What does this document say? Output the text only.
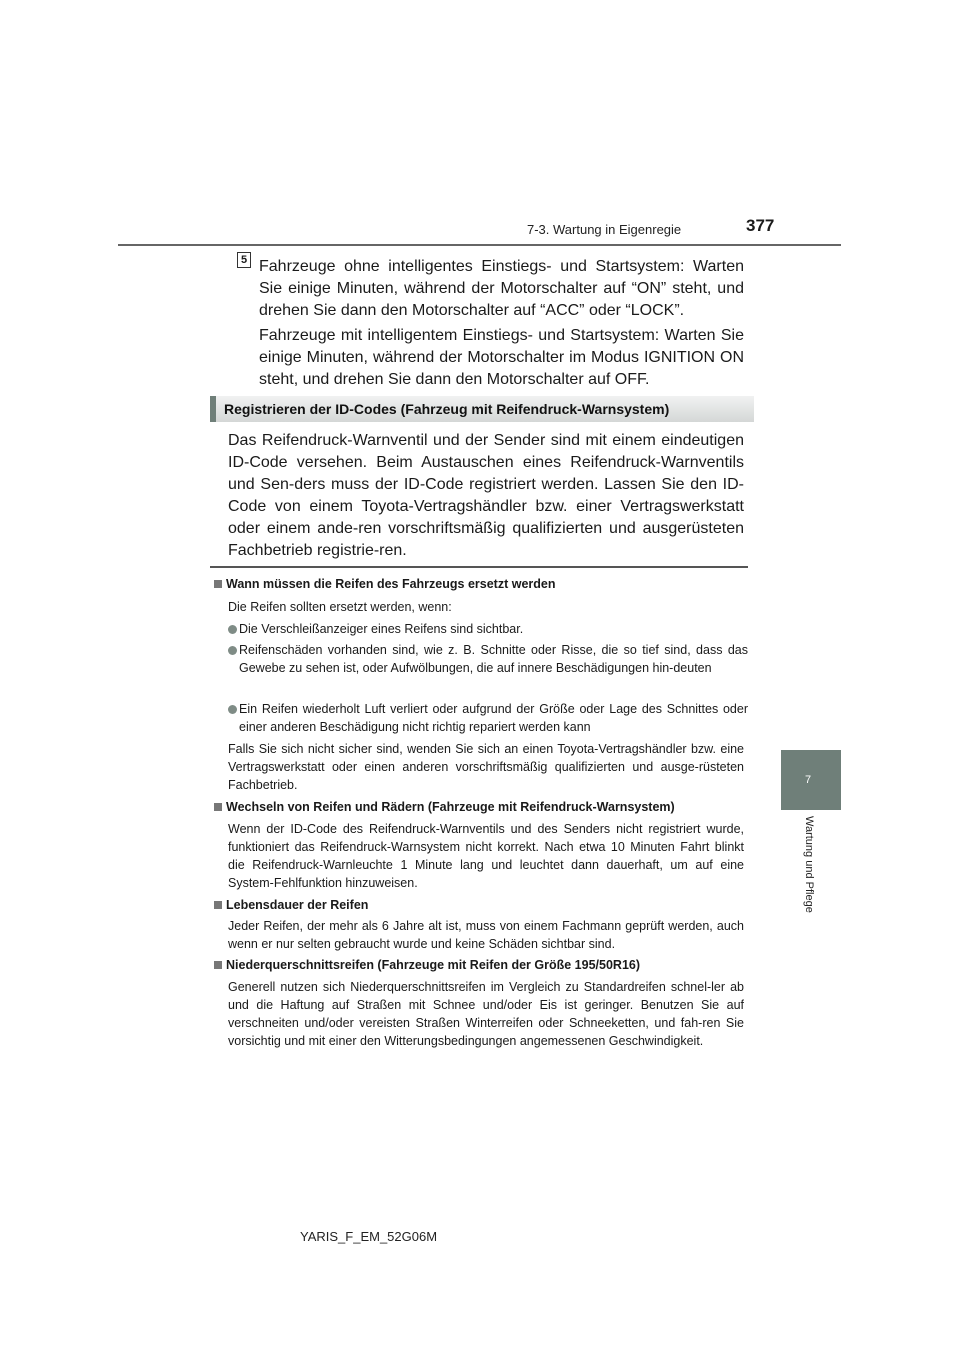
7-3. Wartung in Eigenregie	377
7
Wartung und Pflege
5 Fahrzeuge ohne intelligentes Einstiegs- und Startsystem: Warten Sie einige Minuten, während der Motorschalter auf “ON” steht, und drehen Sie dann den Motorschalter auf “ACC” oder “LOCK”.
Fahrzeuge mit intelligentem Einstiegs- und Startsystem: Warten Sie einige Minuten, während der Motorschalter im Modus IGNITION ON steht, und drehen Sie dann den Motorschalter auf OFF.
Registrieren der ID-Codes (Fahrzeug mit Reifendruck-Warnsystem)
Das Reifendruck-Warnventil und der Sender sind mit einem eindeutigen ID-Code versehen. Beim Austauschen eines Reifendruck-Warnventils und Sen-ders muss der ID-Code registriert werden. Lassen Sie den ID-Code von einem Toyota-Vertragshändler bzw. einer Vertragswerkstatt oder einem ande-ren vorschriftsmäßig qualifizierten und ausgerüsteten Fachbetrieb registrie-ren.
Wann müssen die Reifen des Fahrzeugs ersetzt werden
Die Reifen sollten ersetzt werden, wenn:
Die Verschleißanzeiger eines Reifens sind sichtbar.
Reifenschäden vorhanden sind, wie z. B. Schnitte oder Risse, die so tief sind, dass das Gewebe zu sehen ist, oder Aufwölbungen, die auf innere Beschädigungen hin-deuten
Ein Reifen wiederholt Luft verliert oder aufgrund der Größe oder Lage des Schnittes oder einer anderen Beschädigung nicht richtig repariert werden kann
Falls Sie sich nicht sicher sind, wenden Sie sich an einen Toyota-Vertragshändler bzw. eine Vertragswerkstatt oder einen anderen vorschriftsmäßig qualifizierten und ausge-rüsteten Fachbetrieb.
Wechseln von Reifen und Rädern (Fahrzeuge mit Reifendruck-Warnsystem)
Wenn der ID-Code des Reifendruck-Warnventils und des Senders nicht registriert wurde, funktioniert das Reifendruck-Warnsystem nicht korrekt. Nach etwa 10 Minuten Fahrt blinkt die Reifendruck-Warnleuchte 1 Minute lang und leuchtet dann dauerhaft, um auf eine System-Fehlfunktion hinzuweisen.
Lebensdauer der Reifen
Jeder Reifen, der mehr als 6 Jahre alt ist, muss von einem Fachmann geprüft werden, auch wenn er nur selten gebraucht wurde und keine Schäden sichtbar sind.
Niederquerschnittsreifen (Fahrzeuge mit Reifen der Größe 195/50R16)
Generell nutzen sich Niederquerschnittsreifen im Vergleich zu Standardreifen schnel-ler ab und die Haftung auf Straßen mit Schnee und/oder Eis ist geringer. Benutzen Sie auf verschneiten und/oder vereisten Straßen Winterreifen oder Schneeketten, und fah-ren Sie vorsichtig und mit einer den Witterungsbedingungen angemessenen Geschwindigkeit.
YARIS_F_EM_52G06M
